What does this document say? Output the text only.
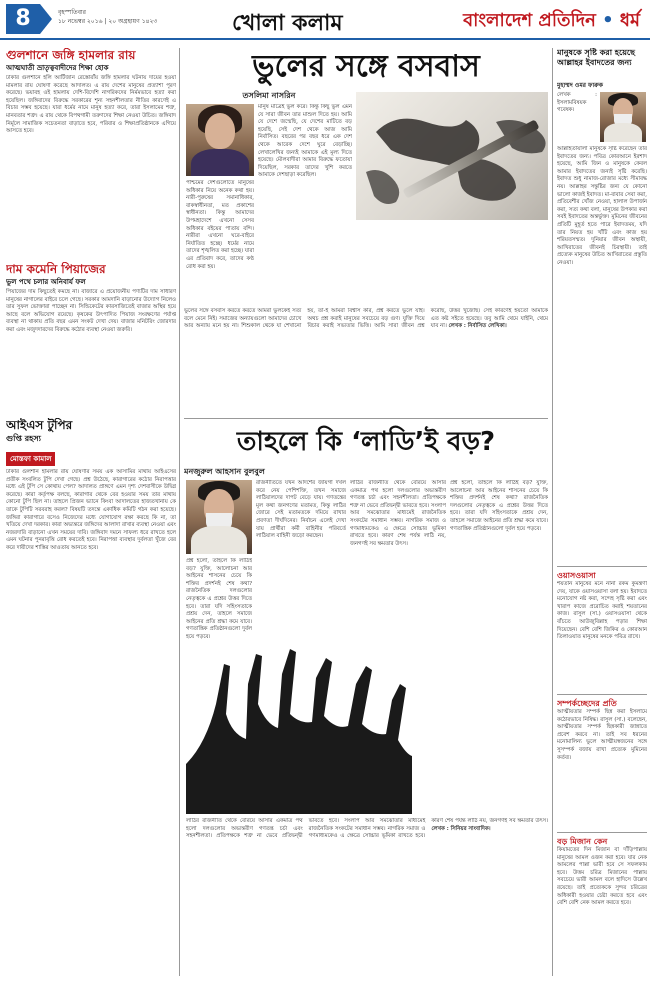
8	বৃহস্পতিবার
১৮ নভেম্বর ২০১৬ | ২০ অগ্রহায়ণ ১৪২৩	খোলা কলাম	বাংলাদেশ প্রতিদিন • ধর্ম
গুলশানে জঙ্গি হামলার রায়
আত্মঘাতী ভ্রাতৃত্ববাদীদের শিক্ষা হোক
ঢাকার গুলশানে হলি আর্টিজান রেস্তোরাঁয় জঙ্গি হামলার ঘটনায় দায়ের হওয়া মামলার রায় ঘোষণা করেছে আদালত। এ রায় দেশের মানুষের প্রত্যাশা পূরণ করেছে। ভয়াবহ ওই হামলায় দেশি-বিদেশি নাগরিকদের নির্মমভাবে হত্যা করা হয়েছিল। জঙ্গিবাদের বিরুদ্ধে সরকারের শূন্য সহনশীলতার নীতির কারণেই এ বিচার সম্ভব হয়েছে। যারা ধর্মের নামে মানুষ হত্যা করে, তারা ইসলামের শত্রু, মানবতার শত্রু। এ রায় থেকে বিপথগামী তরুণদের শিক্ষা নেওয়া উচিত। জঙ্গিবাদ নির্মূলে সামাজিক সচেতনতা বাড়াতে হবে, পরিবার ও শিক্ষাপ্রতিষ্ঠানকে এগিয়ে আসতে হবে।
দাম কমেনি পিয়াজের
ভুল পথে চলার অনিবার্য ফল
পিয়াজের দাম কিছুতেই কমছে না। বাজারে এ প্রয়োজনীয় পণ্যটির দাম সাধারণ মানুষের নাগালের বাইরে চলে গেছে। সরকার আমদানি বাড়ানোর উদ্যোগ নিলেও তার সুফল ভোক্তারা পাচ্ছেন না। সিন্ডিকেটের কারসাজিতেই বাজার অস্থির হয়ে আছে বলে অভিযোগ রয়েছে। কৃষকের উৎপাদিত পিয়াজ সংরক্ষণের পর্যাপ্ত ব্যবস্থা না থাকায় প্রতি বছর এমন সংকট দেখা দেয়। বাজার মনিটরিং জোরদার করা এবং মজুদদারদের বিরুদ্ধে কঠোর ব্যবস্থা নেওয়া জরুরি।
আইএস টুপির
গুপ্তি রহস্য
মোস্তফা কামাল
ঢাকার গুলশান হামলার রায় ঘোষণার সময় এক আসামির মাথায় আইএসের প্রতীক সংবলিত টুপি দেখা গেছে। প্রশ্ন উঠেছে, কারাগারের কঠোর নিরাপত্তার মধ্যে এই টুপি সে কোথায় পেল? আদালত প্রাঙ্গণে এমন দৃশ্য দেশবাসীকে উদ্বিগ্ন করেছে। কারা কর্তৃপক্ষ বলছে, কারাগার থেকে বের হওয়ার সময় তার মাথায় কোনো টুপি ছিল না। তাহলে প্রিজন ভ্যানে কিংবা আদালতের হাজতখানায় কে তাকে টুপিটি সরবরাহ করল? বিষয়টি তদন্তে একাধিক কমিটি গঠন করা হয়েছে। জঙ্গিরা কারাগারে বসেও নিজেদের মধ্যে যোগাযোগ রক্ষা করছে কি না, তা খতিয়ে দেখা দরকার। কারা অভ্যন্তরে জঙ্গিদের আলাদা রাখার ব্যবস্থা নেওয়া এবং নজরদারি বাড়ানো এখন সময়ের দাবি। জঙ্গিবাদ দমনে সাফল্য ধরে রাখতে হলে এমন ঘটনার পুনরাবৃত্তি রোধ করতেই হবে। নিরাপত্তা ব্যবস্থার দুর্বলতা খুঁজে বের করে দায়ীদের শাস্তির আওতায় আনতে হবে।
ভুলের সঙ্গে বসবাস
তসলিমা নাসরিন
মানুষ মাত্রেই ভুল করে। কিন্তু কিছু ভুল এমন যে সারা জীবন তার মাশুল দিতে হয়। আমি যে দেশে জন্মেছি, যে দেশের মাটিতে বড় হয়েছি, সেই দেশ থেকে আজ আমি নির্বাসিত। বছরের পর বছর ধরে এক দেশ থেকে আরেক দেশে ঘুরে বেড়াচ্ছি। লেখালেখির জন্যই আমাকে এই মূল্য দিতে হয়েছে। মৌলবাদীরা আমার বিরুদ্ধে ফতোয়া দিয়েছিল, সরকার তাদের খুশি করতে আমাকে দেশছাড়া করেছিল।
পশ্চিমের দেশগুলোতে মানুষের অধিকার নিয়ে অনেক কথা হয়। নারী-পুরুষের সমানাধিকার, বাকস্বাধীনতা, মত প্রকাশের স্বাধীনতা। কিন্তু আমাদের উপমহাদেশে এখনো সেসব অধিকার বইয়ের পাতায় বন্দি। নারীরা এখনো ঘরে-বাইরে নির্যাতিত হচ্ছে। ধর্মের নামে তাদের শৃঙ্খলিত করা হচ্ছে। যারা এর প্রতিবাদ করে, তাদের কণ্ঠ রোধ করা হয়।
ভুলের সঙ্গে বসবাস করতে করতে আমরা ভুলকেই সত্য বলে মেনে নিই। সমাজের অন্যায়গুলো আমাদের চোখে আর অন্যায় মনে হয় না। শিশুকাল থেকে যা শেখানো হয়, তা-ই আমরা বিশ্বাস করি, প্রশ্ন করতে ভুলে যাই। অথচ প্রশ্ন করাই মানুষের সবচেয়ে বড় গুণ। যুক্তি দিয়ে বিচার করাই সভ্যতার ভিত্তি। আমি সারা জীবন প্রশ্ন করেছি, উত্তর খুঁজেছি। সেই কারণেই হয়তো আমাকে এত কষ্ট সইতে হয়েছে। তবু আমি থেমে যাইনি, থেমে যাব না। লেখক : নির্বাসিত লেখিকা।
তাহলে কি ‘লাডি’ই বড়?
মনজুরুল আহসান বুলবুল
রাজনীতিতে যখন আদর্শের জায়গা দখল করে নেয় পেশিশক্তি, তখন সমাজে লাঠিয়ালদের দাপট বেড়ে যায়। গণতন্ত্রের মূল কথা জনগণের মতামত, কিন্তু লাঠির জোরে সেই মতামতকে দমিয়ে রাখার প্রবণতা দীর্ঘদিনের। নির্বাচন এলেই দেখা যায় প্রার্থীরা কর্মী বাহিনীর পরিবর্তে লাঠিয়াল বাহিনী জড়ো করছেন।
প্রশ্ন হলো, তাহলে কি লাঠিই বড়? যুক্তি, আলোচনা আর আইনের শাসনের চেয়ে কি শক্তির প্রদর্শনই শেষ কথা? রাজনৈতিক দলগুলোর নেতৃত্বকে এ প্রশ্নের উত্তর দিতে হবে। তারা যদি সহিংসতাকে প্রশ্রয় দেন, তাহলে সমাজে আইনের প্রতি শ্রদ্ধা কমে যাবে। গণতান্ত্রিক প্রতিষ্ঠানগুলো দুর্বল হয়ে পড়বে।
লাঠির রাজনীতি থেকে বেরিয়ে আসার একমাত্র পথ হলো দলগুলোর অভ্যন্তরীণ গণতন্ত্র চর্চা এবং সহনশীলতা। প্রতিপক্ষকে শত্রু না ভেবে প্রতিদ্বন্দ্বী ভাবতে হবে। সংলাপ আর সমঝোতার মাধ্যমেই রাজনৈতিক সংকটের সমাধান সম্ভব। নাগরিক সমাজ ও গণমাধ্যমকেও এ ক্ষেত্রে সোচ্চার ভূমিকা রাখতে হবে। কারণ শেষ পর্যন্ত লাঠি নয়, জনগণই সব ক্ষমতার উৎস।
প্রশ্ন হলো, তাহলে কি লাঠিই বড়? যুক্তি, আলোচনা আর আইনের শাসনের চেয়ে কি শক্তির প্রদর্শনই শেষ কথা? রাজনৈতিক দলগুলোর নেতৃত্বকে এ প্রশ্নের উত্তর দিতে হবে। তারা যদি সহিংসতাকে প্রশ্রয় দেন, তাহলে সমাজে আইনের প্রতি শ্রদ্ধা কমে যাবে। গণতান্ত্রিক প্রতিষ্ঠানগুলো দুর্বল হয়ে পড়বে।
লাঠির রাজনীতি থেকে বেরিয়ে আসার একমাত্র পথ হলো দলগুলোর অভ্যন্তরীণ গণতন্ত্র চর্চা এবং সহনশীলতা। প্রতিপক্ষকে শত্রু না ভেবে প্রতিদ্বন্দ্বী ভাবতে হবে। সংলাপ আর সমঝোতার মাধ্যমেই রাজনৈতিক সংকটের সমাধান সম্ভব। নাগরিক সমাজ ও গণমাধ্যমকেও এ ক্ষেত্রে সোচ্চার ভূমিকা রাখতে হবে। কারণ শেষ পর্যন্ত লাঠি নয়, জনগণই সব ক্ষমতার উৎস। লেখক : সিনিয়র সাংবাদিক।
মানুষকে সৃষ্টি করা হয়েছে আল্লাহর ইবাদতের জন্য
মুহাম্মদ ওমর ফারুক
লেখক : ইসলামবিষয়ক গবেষক।
আল্লাহতায়ালা মানুষকে সৃষ্টি করেছেন তাঁর ইবাদতের জন্য। পবিত্র কোরআনে ইরশাদ হয়েছে, আমি জিন ও মানুষকে কেবল আমার ইবাদতের জন্যই সৃষ্টি করেছি। ইবাদত শুধু নামাজ-রোজার মধ্যে সীমাবদ্ধ নয়। আল্লাহর সন্তুষ্টির জন্য যে কোনো ভালো কাজই ইবাদত। মা-বাবার সেবা করা, প্রতিবেশীর খোঁজ নেওয়া, হালাল উপার্জন করা, সত্য কথা বলা, মানুষের উপকার করা সবই ইবাদতের অন্তর্ভুক্ত। মুমিনের জীবনের প্রতিটি মুহূর্ত হতে পারে ইবাদতময়, যদি তার নিয়ত হয় খাঁটি এবং কাজ হয় শরিয়তসম্মত। দুনিয়ার জীবন অস্থায়ী, আখিরাতের জীবনই চিরস্থায়ী। তাই প্রত্যেক মানুষের উচিত আখিরাতের প্রস্তুতি নেওয়া।
ওয়াসওয়াসা
শয়তান মানুষের মনে নানা রকম কুমন্ত্রণা দেয়, যাকে ওয়াসওয়াসা বলা হয়। ইবাদতে মনোযোগ নষ্ট করা, সন্দেহ সৃষ্টি করা এবং খারাপ কাজে প্ররোচিত করাই শয়তানের কাজ। রাসুল (সা.) ওয়াসওয়াসা থেকে বাঁচতে আউজুবিল্লাহ পড়ার শিক্ষা দিয়েছেন। বেশি বেশি জিকির ও কোরআন তিলাওয়াত মানুষের মনকে পবিত্র রাখে।
সম্পর্কচ্ছেদের প্রতি
আত্মীয়তার সম্পর্ক ছিন্ন করা ইসলামে কঠোরভাবে নিষিদ্ধ। রাসুল (সা.) বলেছেন, আত্মীয়তার সম্পর্ক ছিন্নকারী জান্নাতে প্রবেশ করবে না। তাই সব ধরনের মনোমালিন্য ভুলে আত্মীয়স্বজনের সঙ্গে সুসম্পর্ক বজায় রাখা প্রত্যেক মুমিনের কর্তব্য।
বড় মিজান কেন
কিয়ামতের দিন মিজান বা দাঁড়িপাল্লায় মানুষের আমল ওজন করা হবে। যার নেক আমলের পাল্লা ভারী হবে সে সফলকাম হবে। উত্তম চরিত্র মিজানের পাল্লায় সবচেয়ে ভারী আমল বলে হাদিসে উল্লেখ রয়েছে। তাই প্রত্যেককে সুন্দর চরিত্রের অধিকারী হওয়ার চেষ্টা করতে হবে এবং বেশি বেশি নেক আমল করতে হবে।
